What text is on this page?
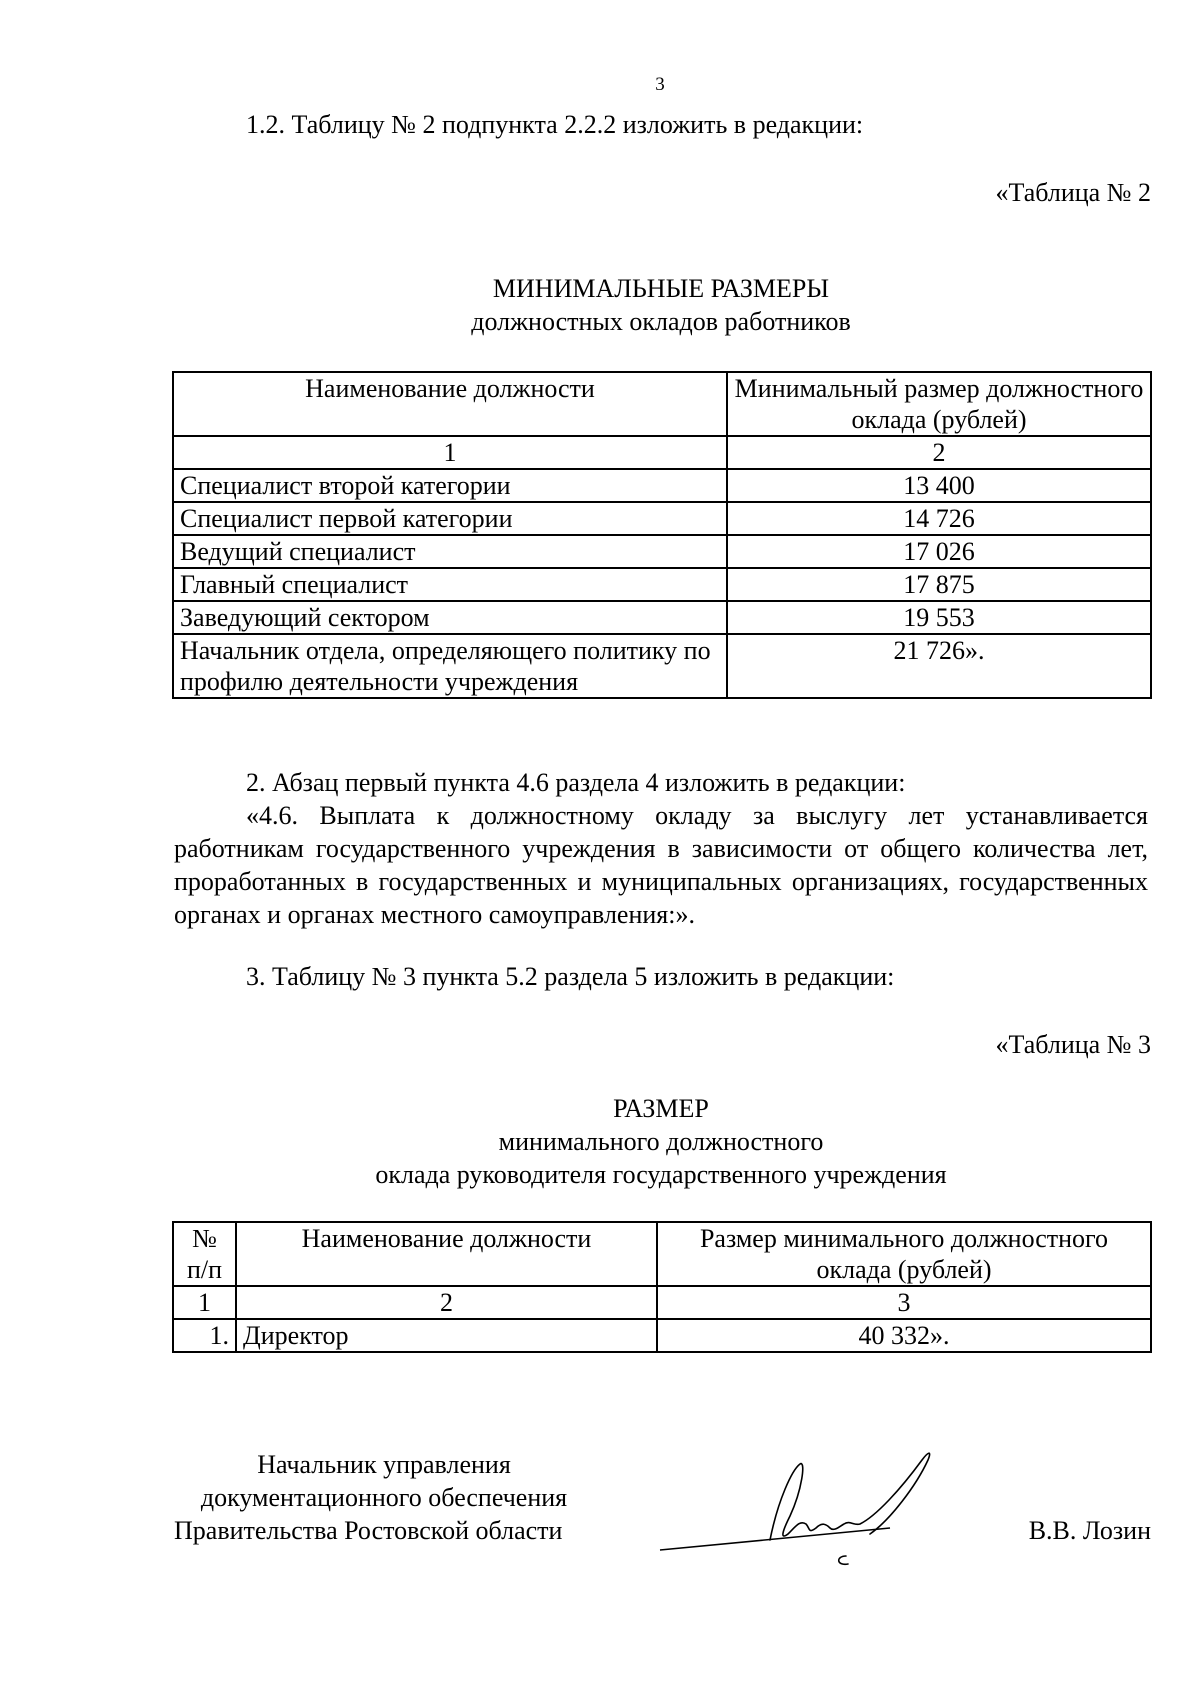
3
1.2. Таблицу № 2 подпункта 2.2.2 изложить в редакции:
«Таблица № 2
МИНИМАЛЬНЫЕ РАЗМЕРЫ
должностных окладов работников
Наименование должности	Минимальный размер должностного оклада (рублей)
1	2
Специалист второй категории	13 400
Специалист первой категории	14 726
Ведущий специалист	17 026
Главный специалист	17 875
Заведующий сектором	19 553
Начальник отдела, определяющего политику по профилю деятельности учреждения	21 726».
2. Абзац первый пункта 4.6 раздела 4 изложить в редакции:
«4.6. Выплата к должностному окладу за выслугу лет устанавливается работникам государственного учреждения в зависимости от общего количества лет, проработанных в государственных и муниципальных организациях, государственных органах и органах местного самоуправления:».
3. Таблицу № 3 пункта 5.2 раздела 5 изложить в редакции:
«Таблица № 3
РАЗМЕР
минимального должностного
оклада руководителя государственного учреждения
№ п/п	Наименование должности	Размер минимального должностного оклада (рублей)
1	2	3
1.	Директор	40 332».
Начальник управления
документационного обеспечения
Правительства Ростовской области	В.В. Лозин
